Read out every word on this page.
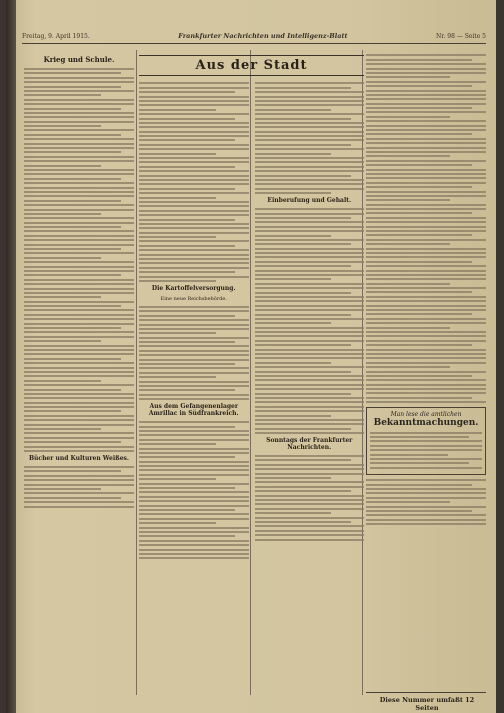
Freitag, 9. April 1915.	Frankfurter Nachrichten und Intelligenz-Blatt	Nr. 98 — Seite 5
Krieg und Schule.
Bücher und Kulturen Weißes.
Aus der Stadt
Die Kartoffelversorgung.
Eine neue Reichsbehörde.
Aus dem Gefangenenlager Amrillac in Südfrankreich.
Einberufung und Gehalt.
Sonntags der Frankfurter Nachrichten.
Man lese die amtlichen
Bekanntmachungen.
Diese Nummer umfaßt 12 Seiten
